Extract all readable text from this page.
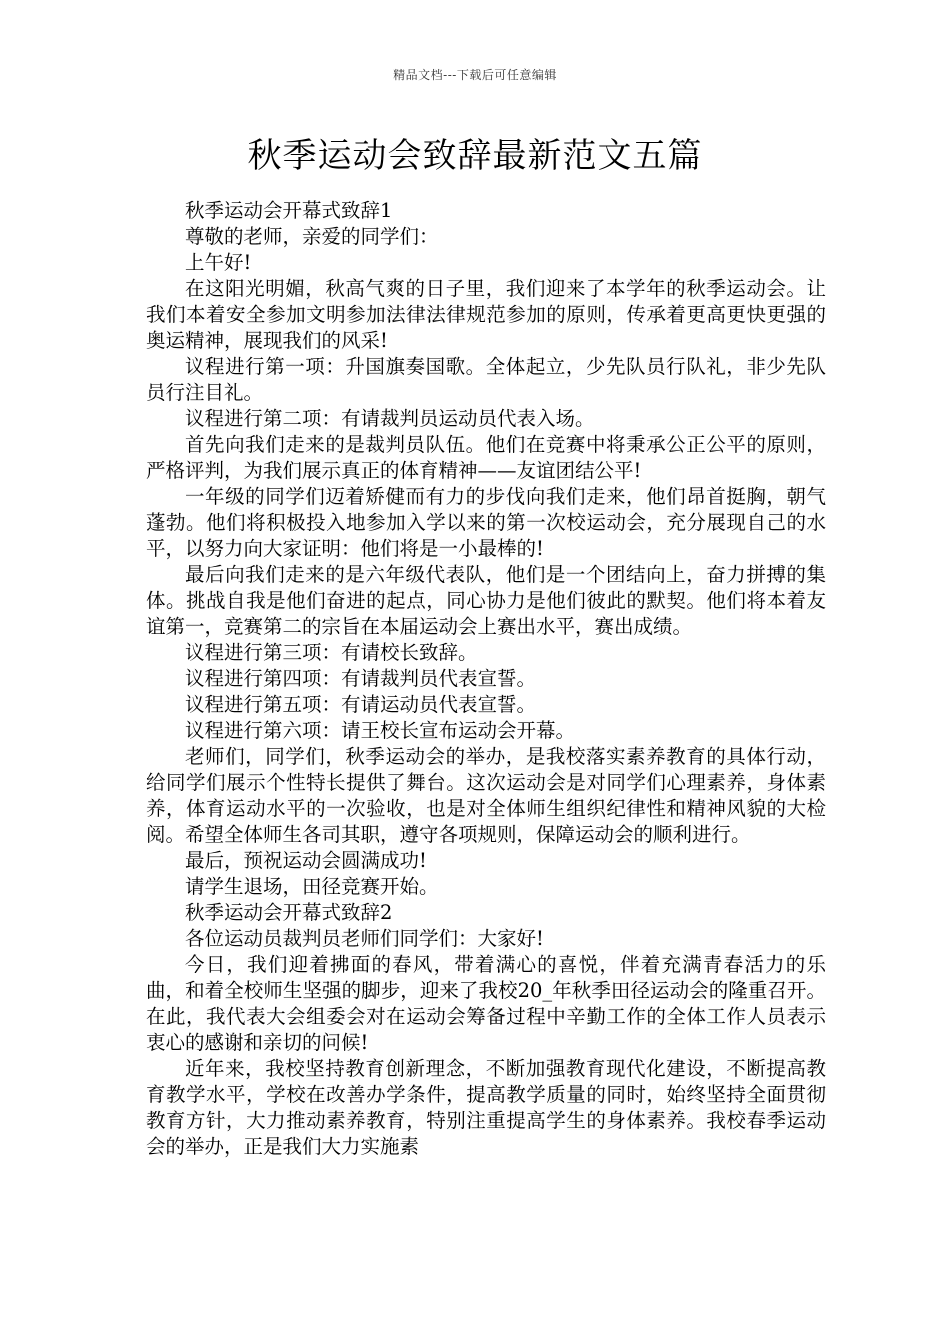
精品文档---下载后可任意编辑
秋季运动会致辞最新范文五篇

秋季运动会开幕式致辞1

尊敬的老师，亲爱的同学们：

上午好!

在这阳光明媚，秋高气爽的日子里，我们迎来了本学年的秋季运动会。让我们本着安全参加文明参加法律法律规范参加的原则，传承着更高更快更强的奥运精神，展现我们的风采!

议程进行第一项：升国旗奏国歌。全体起立，少先队员行队礼，非少先队员行注目礼。

议程进行第二项：有请裁判员运动员代表入场。

首先向我们走来的是裁判员队伍。他们在竞赛中将秉承公正公平的原则，严格评判，为我们展示真正的体育精神——友谊团结公平!

一年级的同学们迈着矫健而有力的步伐向我们走来，他们昂首挺胸，朝气蓬勃。他们将积极投入地参加入学以来的第一次校运动会，充分展现自己的水平，以努力向大家证明：他们将是一小最棒的!

最后向我们走来的是六年级代表队，他们是一个团结向上，奋力拼搏的集体。挑战自我是他们奋进的起点，同心协力是他们彼此的默契。他们将本着友谊第一，竞赛第二的宗旨在本届运动会上赛出水平，赛出成绩。

议程进行第三项：有请校长致辞。

议程进行第四项：有请裁判员代表宣誓。

议程进行第五项：有请运动员代表宣誓。

议程进行第六项：请王校长宣布运动会开幕。

老师们，同学们，秋季运动会的举办，是我校落实素养教育的具体行动，给同学们展示个性特长提供了舞台。这次运动会是对同学们心理素养，身体素养，体育运动水平的一次验收，也是对全体师生组织纪律性和精神风貌的大检阅。希望全体师生各司其职，遵守各项规则，保障运动会的顺利进行。

最后，预祝运动会圆满成功!

请学生退场，田径竞赛开始。

秋季运动会开幕式致辞2

各位运动员裁判员老师们同学们：大家好!

今日，我们迎着拂面的春风，带着满心的喜悦，伴着充满青春活力的乐曲，和着全校师生坚强的脚步，迎来了我校20_年秋季田径运动会的隆重召开。在此，我代表大会组委会对在运动会筹备过程中辛勤工作的全体工作人员表示衷心的感谢和亲切的问候!

近年来，我校坚持教育创新理念，不断加强教育现代化建设，不断提高教育教学水平，学校在改善办学条件，提高教学质量的同时，始终坚持全面贯彻教育方针，大力推动素养教育，特别注重提高学生的身体素养。我校春季运动会的举办，正是我们大力实施素
